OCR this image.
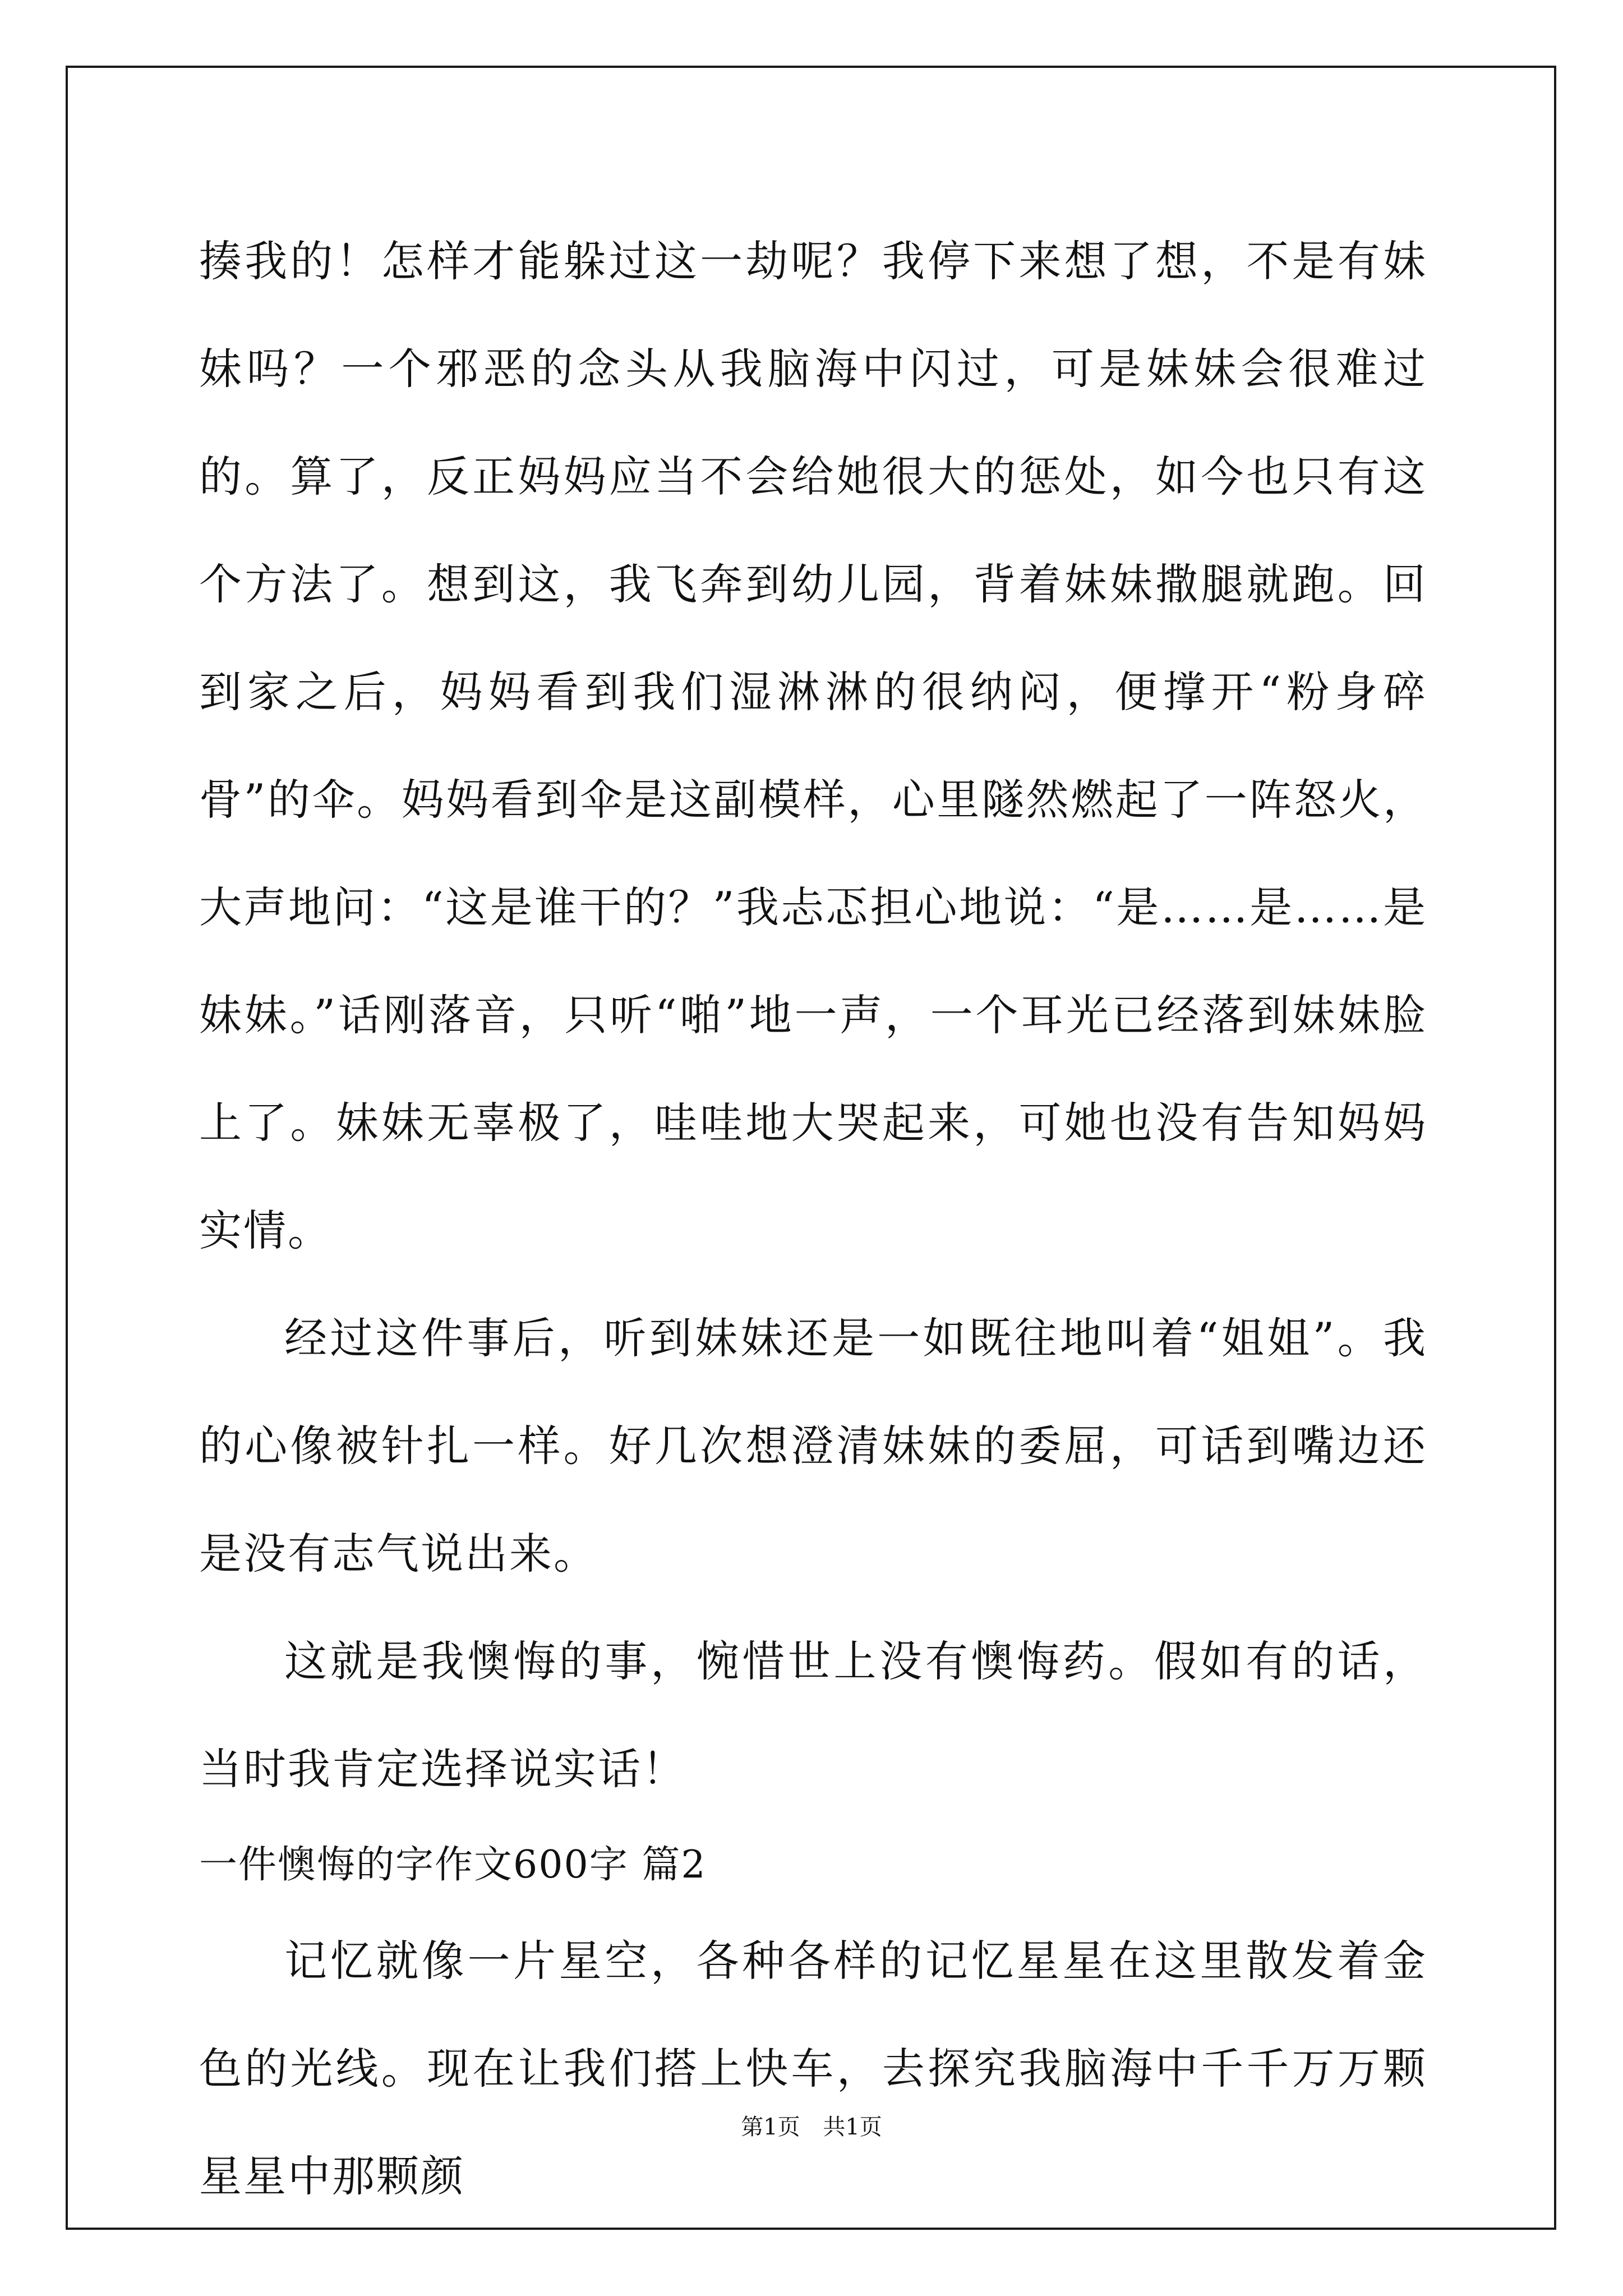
揍我的！怎样才能躲过这一劫呢？我停下来想了想，不是有妹妹吗？一个邪恶的念头从我脑海中闪过，可是妹妹会很难过的。算了，反正妈妈应当不会给她很大的惩处，如今也只有这个方法了。想到这，我飞奔到幼儿园，背着妹妹撒腿就跑。回到家之后，妈妈看到我们湿淋淋的很纳闷，便撑开“粉身碎骨”的伞。妈妈看到伞是这副模样，心里隧然燃起了一阵怒火，大声地问：“这是谁干的？”我忐忑担心地说：“是……是……是妹妹。”话刚落音，只听“啪”地一声，一个耳光已经落到妹妹脸上了。妹妹无辜极了，哇哇地大哭起来，可她也没有告知妈妈实情。

经过这件事后，听到妹妹还是一如既往地叫着“姐姐”。我的心像被针扎一样。好几次想澄清妹妹的委屈，可话到嘴边还是没有志气说出来。

这就是我懊悔的事，惋惜世上没有懊悔药。假如有的话，当时我肯定选择说实话！

一件懊悔的字作文600字 篇2

记忆就像一片星空，各种各样的记忆星星在这里散发着金色的光线。现在让我们搭上快车，去探究我脑海中千千万万颗星星中那颗颜

第1页 共1页
